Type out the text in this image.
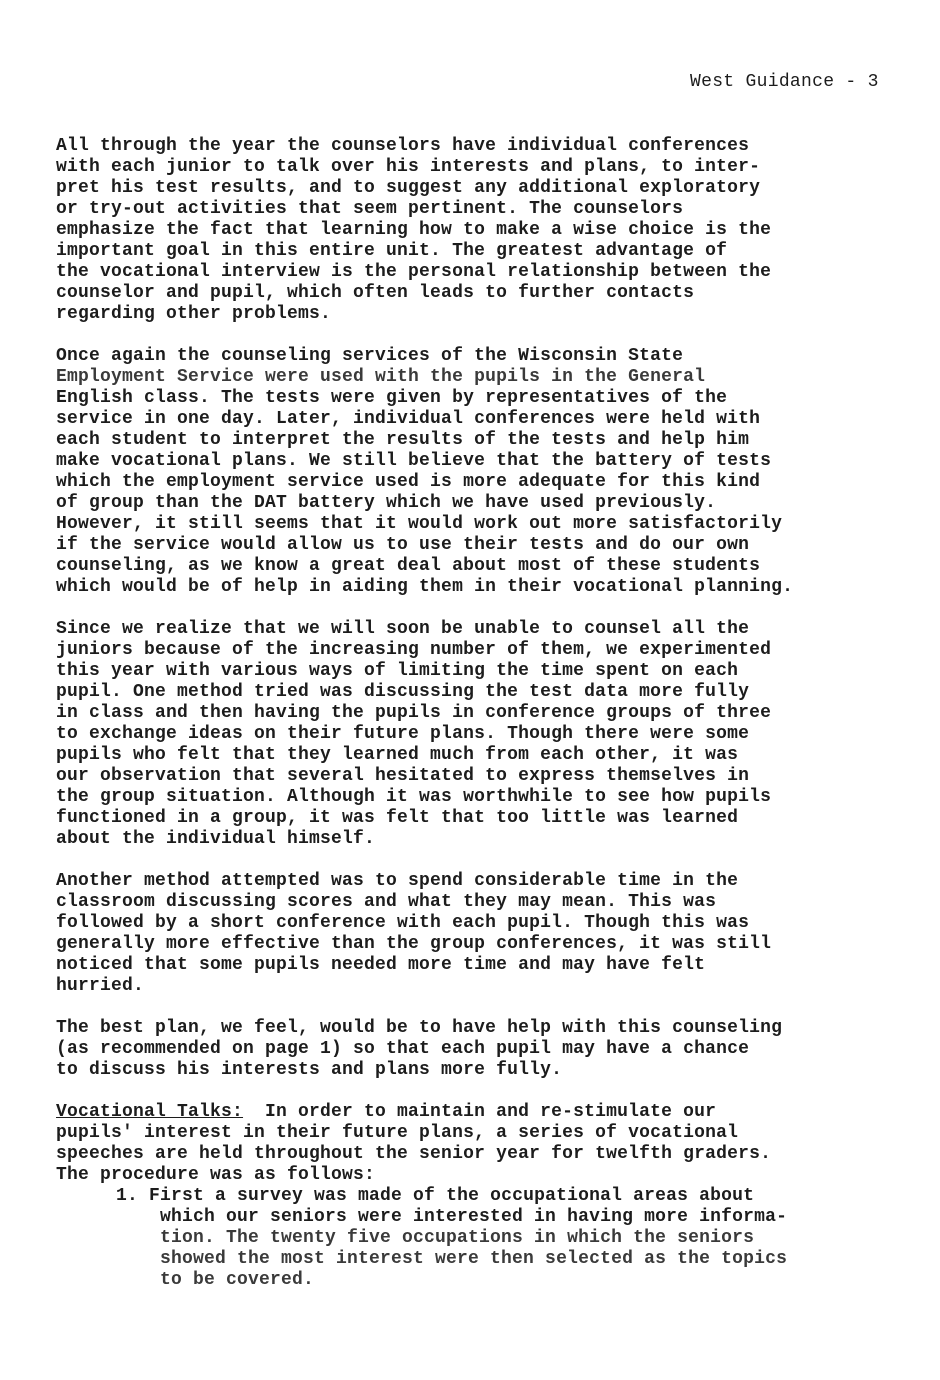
West Guidance - 3
All through the year the counselors have individual conferences
with each junior to talk over his interests and plans, to inter-
pret his test results, and to suggest any additional exploratory
or try-out activities that seem pertinent. The counselors
emphasize the fact that learning how to make a wise choice is the
important goal in this entire unit. The greatest advantage of
the vocational interview is the personal relationship between the
counselor and pupil, which often leads to further contacts
regarding other problems.
Once again the counseling services of the Wisconsin State
Employment Service were used with the pupils in the General
English class. The tests were given by representatives of the
service in one day. Later, individual conferences were held with
each student to interpret the results of the tests and help him
make vocational plans. We still believe that the battery of tests
which the employment service used is more adequate for this kind
of group than the DAT battery which we have used previously.
However, it still seems that it would work out more satisfactorily
if the service would allow us to use their tests and do our own
counseling, as we know a great deal about most of these students
which would be of help in aiding them in their vocational planning.
Since we realize that we will soon be unable to counsel all the
juniors because of the increasing number of them, we experimented
this year with various ways of limiting the time spent on each
pupil. One method tried was discussing the test data more fully
in class and then having the pupils in conference groups of three
to exchange ideas on their future plans. Though there were some
pupils who felt that they learned much from each other, it was
our observation that several hesitated to express themselves in
the group situation. Although it was worthwhile to see how pupils
functioned in a group, it was felt that too little was learned
about the individual himself.
Another method attempted was to spend considerable time in the
classroom discussing scores and what they may mean. This was
followed by a short conference with each pupil. Though this was
generally more effective than the group conferences, it was still
noticed that some pupils needed more time and may have felt
hurried.
The best plan, we feel, would be to have help with this counseling
(as recommended on page 1) so that each pupil may have a chance
to discuss his interests and plans more fully.
Vocational Talks:  In order to maintain and re-stimulate our
pupils' interest in their future plans, a series of vocational
speeches are held throughout the senior year for twelfth graders.
The procedure was as follows:
1. First a survey was made of the occupational areas about
which our seniors were interested in having more informa-
tion. The twenty five occupations in which the seniors
showed the most interest were then selected as the topics
to be covered.
